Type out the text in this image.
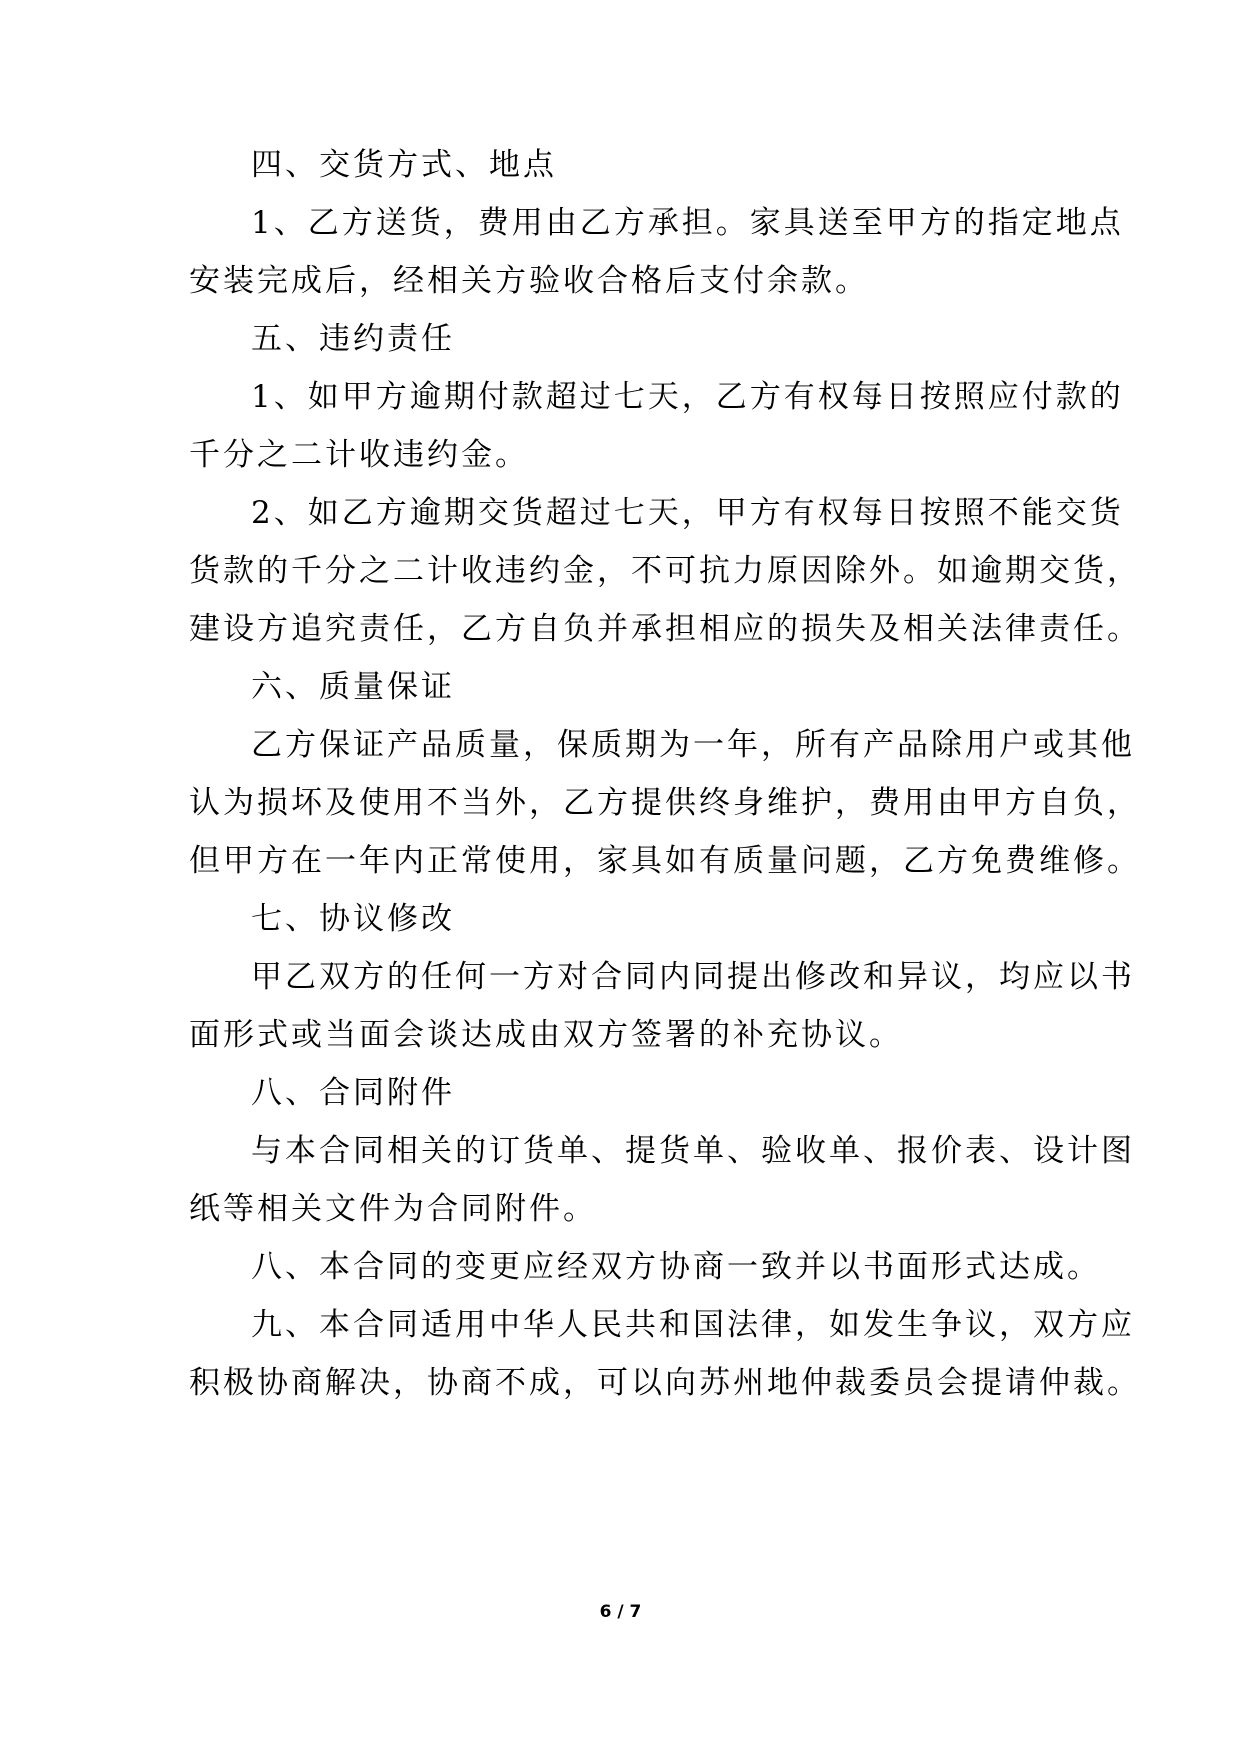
四、交货方式、地点
1、乙方送货，费用由乙方承担。家具送至甲方的指定地点
安装完成后，经相关方验收合格后支付余款。
五、违约责任
1、如甲方逾期付款超过七天，乙方有权每日按照应付款的
千分之二计收违约金。
2、如乙方逾期交货超过七天，甲方有权每日按照不能交货
货款的千分之二计收违约金，不可抗力原因除外。如逾期交货，
建设方追究责任，乙方自负并承担相应的损失及相关法律责任。
六、质量保证
乙方保证产品质量，保质期为一年，所有产品除用户或其他
认为损坏及使用不当外，乙方提供终身维护，费用由甲方自负，
但甲方在一年内正常使用，家具如有质量问题，乙方免费维修。
七、协议修改
甲乙双方的任何一方对合同内同提出修改和异议，均应以书
面形式或当面会谈达成由双方签署的补充协议。
八、合同附件
与本合同相关的订货单、提货单、验收单、报价表、设计图
纸等相关文件为合同附件。
八、本合同的变更应经双方协商一致并以书面形式达成。
九、本合同适用中华人民共和国法律，如发生争议，双方应
积极协商解决，协商不成，可以向苏州地仲裁委员会提请仲裁。
6 / 7
